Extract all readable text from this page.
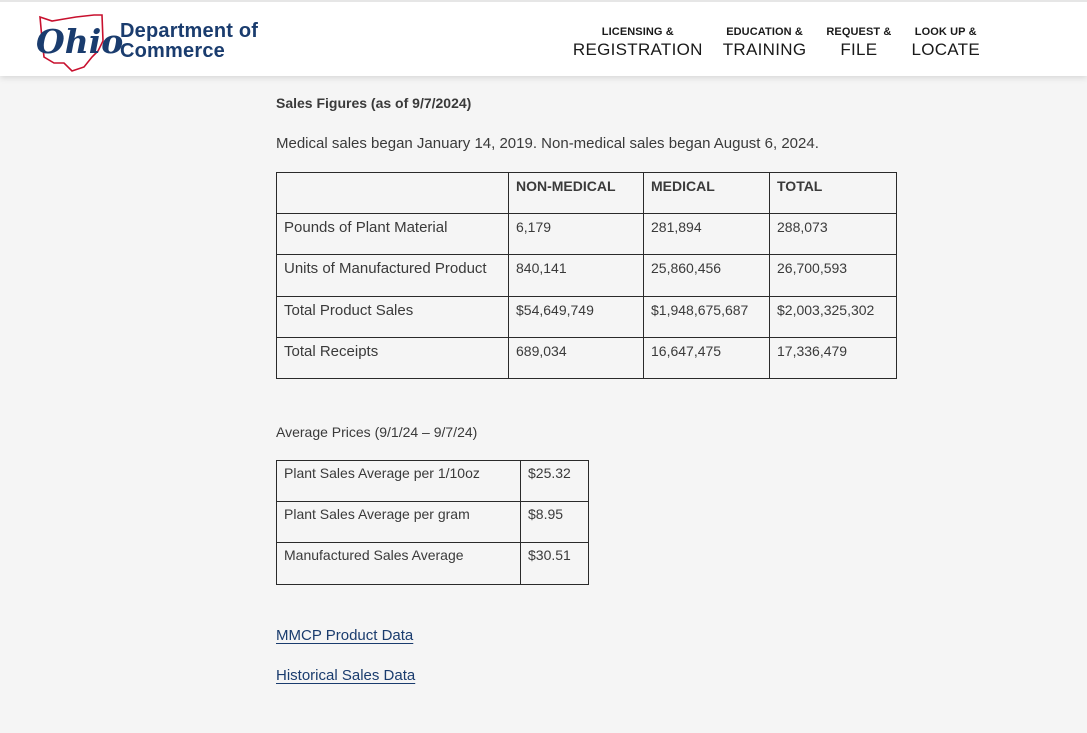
Ohio
Department of
Commerce
LICENSING &
REGISTRATION
EDUCATION &
TRAINING
REQUEST &
FILE
LOOK UP &
LOCATE
Sales Figures (as of 9/7/2024)

Medical sales began January 14, 2019. Non-medical sales began August 6, 2024.

	NON-MEDICAL	MEDICAL	TOTAL
Pounds of Plant Material	6,179	281,894	288,073
Units of Manufactured Product	840,141	25,860,456	26,700,593
Total Product Sales	$54,649,749	$1,948,675,687	$2,003,325,302
Total Receipts	689,034	16,647,475	17,336,479
Average Prices (9/1/24 – 9/7/24)
Plant Sales Average per 1/10oz	$25.32
Plant Sales Average per gram	$8.95
Manufactured Sales Average	$30.51
MMCP Product Data
Historical Sales Data
